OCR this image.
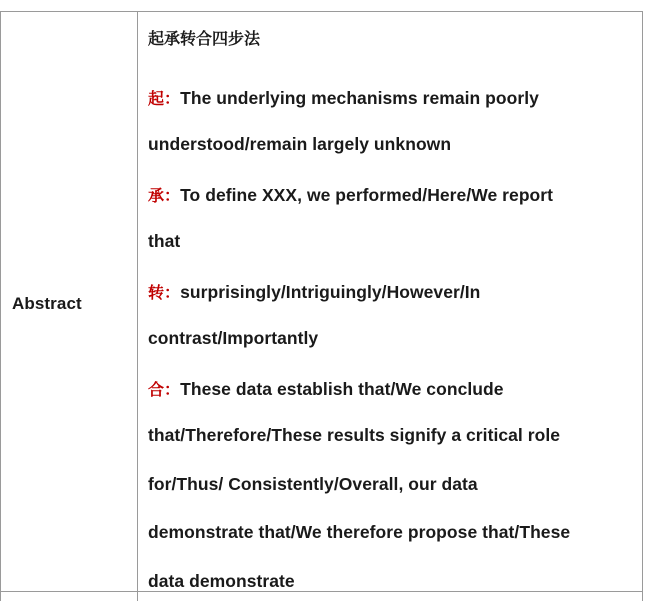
Abstract
起承转合四步法
起：The underlying mechanisms remain poorly
understood/remain largely unknown
承：To define XXX, we performed/Here/We report
that
转：surprisingly/Intriguingly/However/In
contrast/Importantly
合：These data establish that/We conclude
that/Therefore/These results signify a critical role
for/Thus/ Consistently/Overall, our data
demonstrate that/We therefore propose that/These
data demonstrate
